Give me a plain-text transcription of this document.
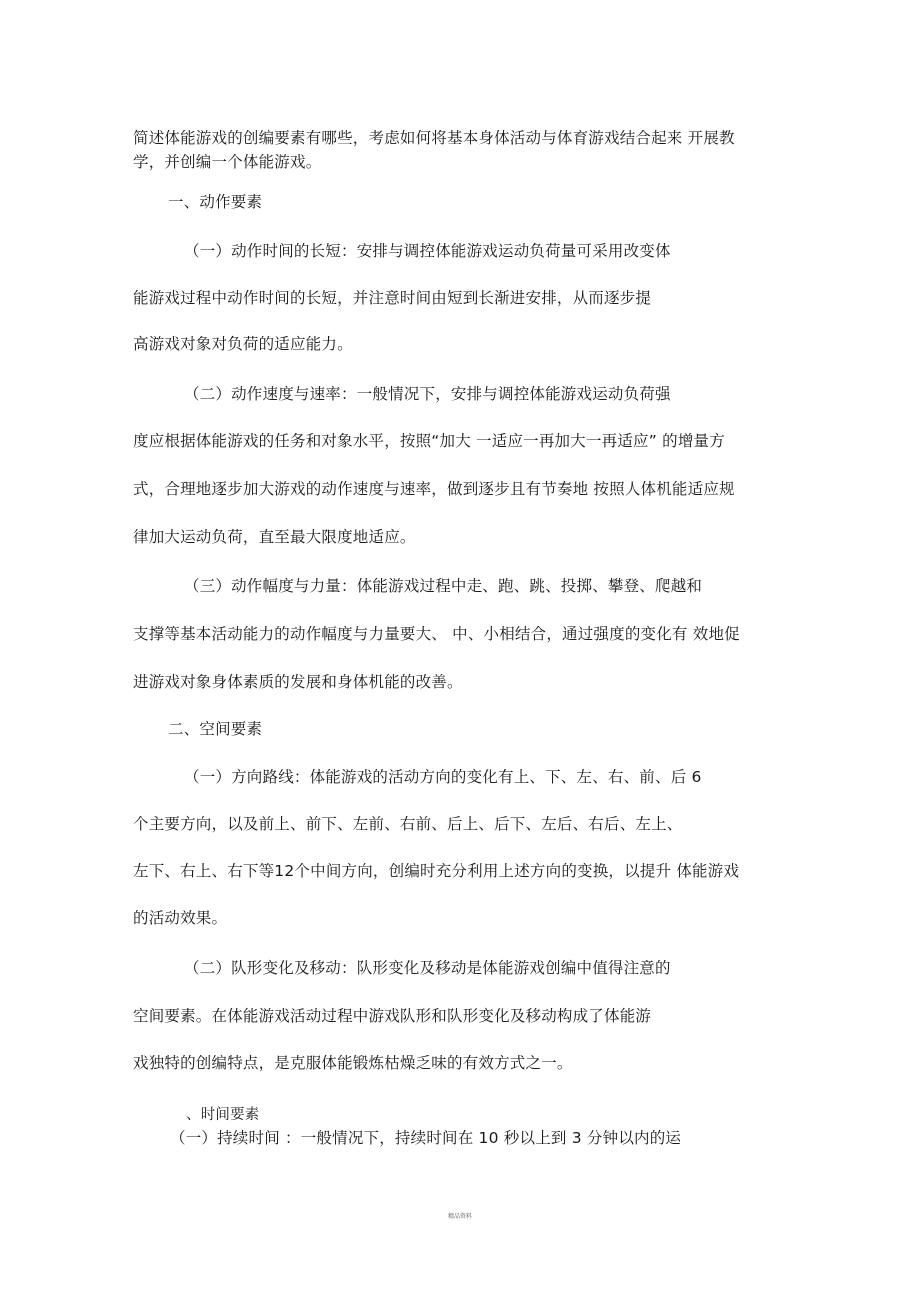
简述体能游戏的创编要素有哪些，考虑如何将基本身体活动与体育游戏结合起来 开展教
学，并创编一个体能游戏。
一、动作要素
（一）动作时间的长短：安排与调控体能游戏运动负荷量可采用改变体
能游戏过程中动作时间的长短，并注意时间由短到长渐进安排，从而逐步提
高游戏对象对负荷的适应能力。
（二）动作速度与速率：一般情况下，安排与调控体能游戏运动负荷强
度应根据体能游戏的任务和对象水平，按照“加大 一适应一再加大一再适应” 的增量方
式，合理地逐步加大游戏的动作速度与速率，做到逐步且有节奏地 按照人体机能适应规
律加大运动负荷，直至最大限度地适应。
（三）动作幅度与力量：体能游戏过程中走、跑、跳、投掷、攀登、爬越和
支撑等基本活动能力的动作幅度与力量要大、 中、小相结合，通过强度的变化有 效地促
进游戏对象身体素质的发展和身体机能的改善。
二、空间要素
（一）方向路线：体能游戏的活动方向的变化有上、下、左、右、前、后 6
个主要方向，以及前上、前下、左前、右前、后上、后下、左后、右后、左上、
左下、右上、右下等12个中间方向，创编时充分利用上述方向的变换，以提升 体能游戏
的活动效果。
（二）队形变化及移动：队形变化及移动是体能游戏创编中值得注意的
空间要素。在体能游戏活动过程中游戏队形和队形变化及移动构成了体能游
戏独特的创编特点，是克服体能锻炼枯燥乏味的有效方式之一。
、时间要素
（一）持续时间 ：一般情况下，持续时间在 10 秒以上到 3 分钟以内的运
精品资料
